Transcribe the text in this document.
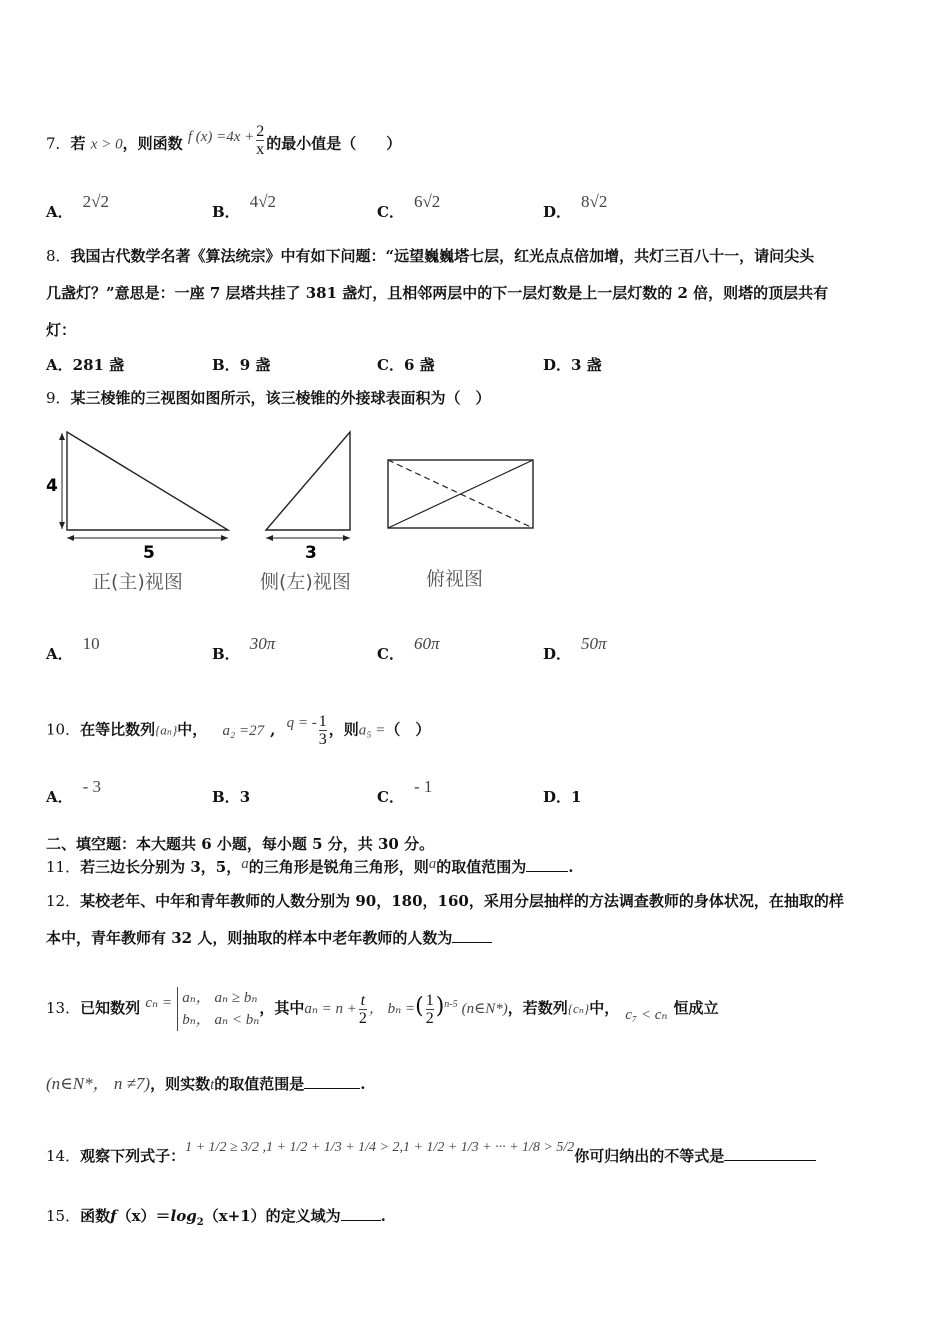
7．若 x > 0，则函数 f $(x) =4x + \frac{2}{x}$ 的最小值是（　　）
A．2√2
B．4√2
C．6√2
D．8√2
8．我国古代数学名著《算法统宗》中有如下问题：“远望巍巍塔七层，红光点点倍加增，共灯三百八十一，请问尖头
几盏灯？”意思是：一座 7 层塔共挂了 381 盏灯，且相邻两层中的下一层灯数是上一层灯数的 2 倍，则塔的顶层共有
灯：
A．281 盏	B．9 盏	C．6 盏	D．3 盏
9．某三棱锥的三视图如图所示，该三棱锥的外接球表面积为（　）
4
5
正(主)视图
3
侧(左)视图	俯视图
A．10
B．30π
C．60π
D．50π
10．在等比数列{aₙ}中， a₂ =27 , q = - $\frac{1}{3}$ ，则a₅ =（　）
A．- 3
B．3	C．- 1
D．1
二、填空题：本大题共 6 小题，每小题 5 分，共 30 分。
11．若三边长分别为 3，5，a的三角形是锐角三角形，则a的取值范围为	.
12．某校老年、中年和青年教师的人数分别为 90，180，160，采用分层抽样的方法调查教师的身体状况，在抽取的样
本中，青年教师有 32 人，则抽取的样本中老年教师的人数为
13．已知数列 cₙ = aₙ， aₙ ≥ bₙ
bₙ， aₙ < bₙ
，其中$a_n = n + \frac{t}{2}$ ， bₙ =( $\frac{1}{2} )^{n-5}$ (n∈N*)，若数列{cₙ}中， c₇ < cₙ 恒成立
(n∈N*， n ≠7)，则实数t的取值范围是	.
14．观察下列式子：1 + 1/2 ≥ 3/2 ,1 + 1/2 + 1/3 + 1/4 > 2,1 + 1/2 + 1/3 + ··· + 1/8 > 5/2你可归纳出的不等式是
15．函数$f(x)=\log_2(x+1)$的定义域为	.
